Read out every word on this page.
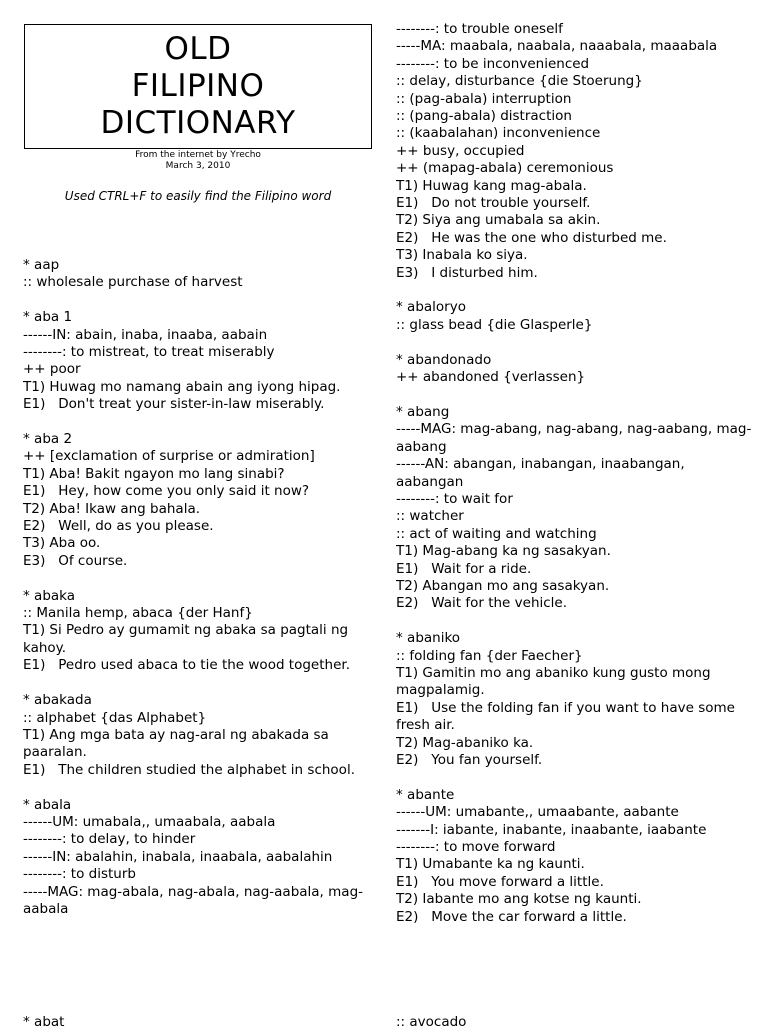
OLD
FILIPINO
DICTIONARY
From the internet by Yrecho
March 3, 2010
Used CTRL+F to easily find the Filipino word
* aap
:: wholesale purchase of harvest
* aba 1
------IN: abain, inaba, inaaba, aabain
--------: to mistreat, to treat miserably
++ poor
T1) Huwag mo namang abain ang iyong hipag.
E1)   Don't treat your sister-in-law miserably.
* aba 2
++ [exclamation of surprise or admiration]
T1) Aba! Bakit ngayon mo lang sinabi?
E1)   Hey, how come you only said it now?
T2) Aba! Ikaw ang bahala.
E2)   Well, do as you please.
T3) Aba oo.
E3)   Of course.
* abaka
:: Manila hemp, abaca {der Hanf}
T1) Si Pedro ay gumamit ng abaka sa pagtali ng kahoy.
E1)   Pedro used abaca to tie the wood together.
* abakada
:: alphabet {das Alphabet}
T1) Ang mga bata ay nag-aral ng abakada sa paaralan.
E1)   The children studied the alphabet in school.
* abala
------UM: umabala,, umaabala, aabala
--------: to delay, to hinder
------IN: abalahin, inabala, inaabala, aabalahin
--------: to disturb
-----MAG: mag-abala, nag-abala, nag-aabala, mag-aabala
--------: to trouble oneself
-----MA: maabala, naabala, naaabala, maaabala
--------: to be inconvenienced
:: delay, disturbance {die Stoerung}
:: (pag-abala) interruption
:: (pang-abala) distraction
:: (kaabalahan) inconvenience
++ busy, occupied
++ (mapag-abala) ceremonious
T1) Huwag kang mag-abala.
E1)   Do not trouble yourself.
T2) Siya ang umabala sa akin.
E2)   He was the one who disturbed me.
T3) Inabala ko siya.
E3)   I disturbed him.
* abaloryo
:: glass bead {die Glasperle}
* abandonado
++ abandoned {verlassen}
* abang
-----MAG: mag-abang, nag-abang, nag-aabang, mag-aabang
------AN: abangan, inabangan, inaabangan, aabangan
--------: to wait for
:: watcher
:: act of waiting and watching
T1) Mag-abang ka ng sasakyan.
E1)   Wait for a ride.
T2) Abangan mo ang sasakyan.
E2)   Wait for the vehicle.
* abaniko
:: folding fan {der Faecher}
T1) Gamitin mo ang abaniko kung gusto mong magpalamig.
E1)   Use the folding fan if you want to have some fresh air.
T2) Mag-abaniko ka.
E2)   You fan yourself.
* abante
------UM: umabante,, umaabante, aabante
-------I: iabante, inabante, inaabante, iaabante
--------: to move forward
T1) Umabante ka ng kaunti.
E1)   You move forward a little.
T2) Iabante mo ang kotse ng kaunti.
E2)   Move the car forward a little.
* abat	:: avocado
